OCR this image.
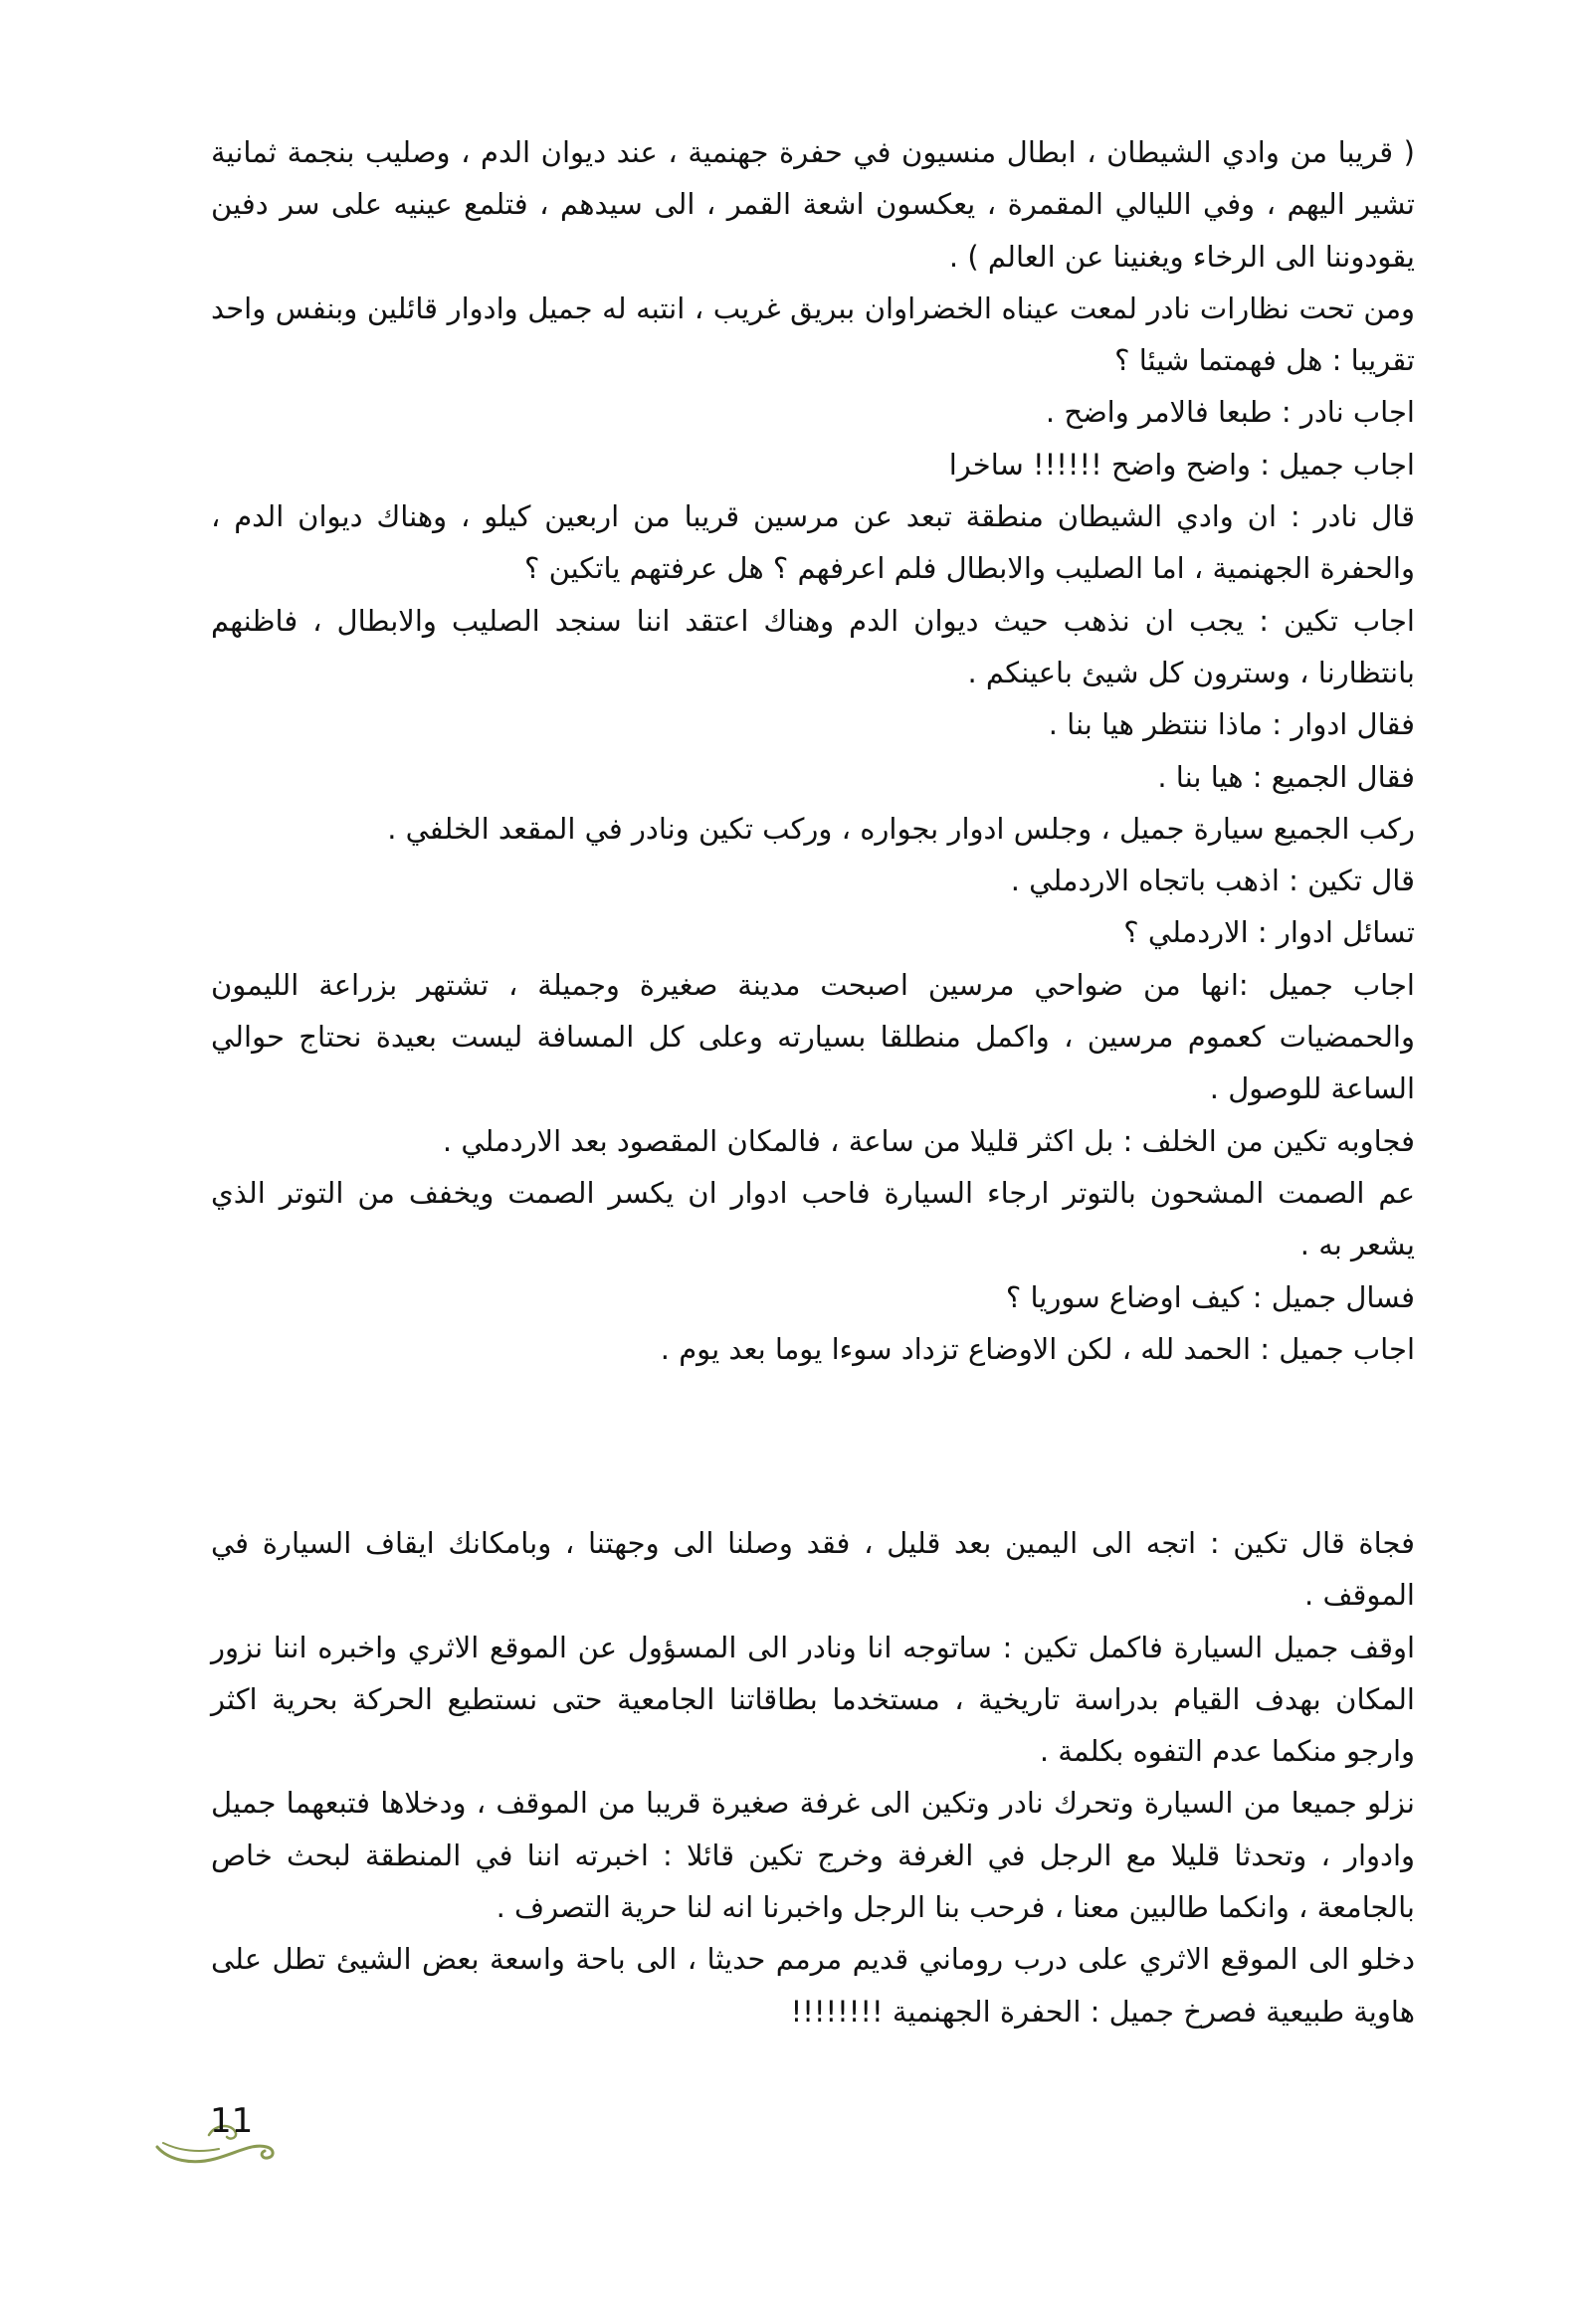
( قريبا من وادي الشيطان ، ابطال منسيون في حفرة جهنمية ، عند ديوان الدم ، وصليب بنجمة ثمانية تشير اليهم ، وفي الليالي المقمرة ، يعكسون اشعة القمر ، الى سيدهم ، فتلمع عينيه على سر دفين يقودوننا الى الرخاء ويغنينا عن العالم ) .

ومن تحت نظارات نادر لمعت عيناه الخضراوان ببريق غريب ، انتبه له جميل وادوار قائلين وبنفس واحد تقريبا : هل فهمتما شيئا ؟

اجاب نادر : طبعا فالامر واضح .

اجاب جميل : واضح واضح !!!!!! ساخرا

قال نادر : ان وادي الشيطان منطقة تبعد عن مرسين قريبا من اربعين كيلو ، وهناك ديوان الدم ، والحفرة الجهنمية ، اما الصليب والابطال فلم اعرفهم ؟ هل عرفتهم ياتكين ؟

اجاب تكين : يجب ان نذهب حيث ديوان الدم وهناك اعتقد اننا سنجد الصليب والابطال ، فاظنهم بانتظارنا ، وسترون كل شيئ باعينكم .

فقال ادوار : ماذا ننتظر هيا بنا .

فقال الجميع : هيا بنا .

ركب الجميع سيارة جميل ، وجلس ادوار بجواره ، وركب تكين ونادر في المقعد الخلفي .

قال تكين : اذهب باتجاه الاردملي .

تسائل ادوار : الاردملي ؟

اجاب جميل :انها من ضواحي مرسين اصبحت مدينة صغيرة وجميلة ، تشتهر بزراعة الليمون والحمضيات كعموم مرسين ، واكمل منطلقا بسيارته وعلى كل المسافة ليست بعيدة نحتاج حوالي الساعة للوصول .

فجاوبه تكين من الخلف : بل اكثر قليلا من ساعة ، فالمكان المقصود بعد الاردملي .

عم الصمت المشحون بالتوتر ارجاء السيارة فاحب ادوار ان يكسر الصمت ويخفف من التوتر الذي يشعر به .

فسال جميل : كيف اوضاع سوريا ؟

اجاب جميل : الحمد لله ، لكن الاوضاع تزداد سوءا يوما بعد يوم .

فجاة قال تكين : اتجه الى اليمين بعد قليل ، فقد وصلنا الى وجهتنا ، وبامكانك ايقاف السيارة في الموقف .

اوقف جميل السيارة فاكمل تكين : ساتوجه انا ونادر الى المسؤول عن الموقع الاثري واخبره اننا نزور المكان بهدف القيام بدراسة تاريخية ، مستخدما بطاقاتنا الجامعية حتى نستطيع الحركة بحرية اكثر وارجو منكما عدم التفوه بكلمة .

نزلو جميعا من السيارة وتحرك نادر وتكين الى غرفة صغيرة قريبا من الموقف ، ودخلاها فتبعهما جميل وادوار ، وتحدثا قليلا مع الرجل في الغرفة وخرج تكين قائلا : اخبرته اننا في المنطقة لبحث خاص بالجامعة ، وانكما طالبين معنا ، فرحب بنا الرجل واخبرنا انه لنا حرية التصرف .

دخلو الى الموقع الاثري على درب روماني قديم مرمم حديثا ، الى باحة واسعة بعض الشيئ تطل على هاوية طبيعية فصرخ جميل : الحفرة الجهنمية !!!!!!!!

11
